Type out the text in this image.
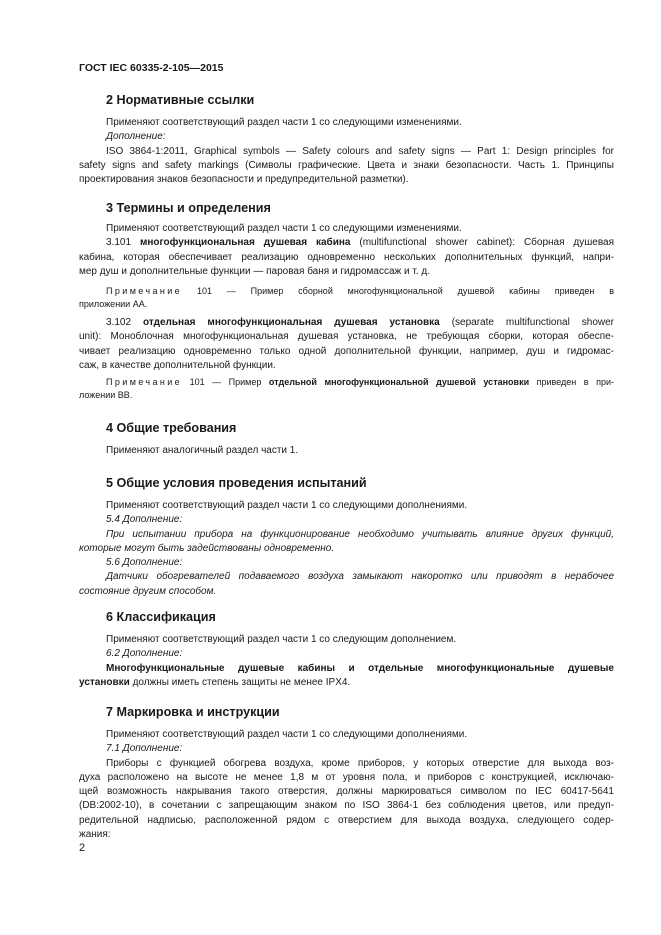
ГОСТ IEC 60335-2-105—2015
2 Нормативные ссылки
Применяют соответствующий раздел части 1 со следующими изменениями.
Дополнение:
ISO 3864-1:2011, Graphical symbols — Safety colours and safety signs — Part 1: Design principles for
safety signs and safety markings (Символы графические. Цвета и знаки безопасности. Часть 1. Принципы
проектирования знаков безопасности и предупредительной разметки).
3 Термины и определения
Применяют соответствующий раздел части 1 со следующими изменениями.
3.101 многофункциональная душевая кабина (multifunctional shower cabinet): Сборная душевая
кабина, которая обеспечивает реализацию одновременно нескольких дополнительных функций, напри-
мер душ и дополнительные функции — паровая баня и гидромассаж и т. д.
Примечание 101 — Пример сборной многофункциональной душевой кабины приведен в
приложении АА.
3.102 отдельная многофункциональная душевая установка (separate multifunctional shower
unit): Моноблочная многофункциональная душевая установка, не требующая сборки, которая обеспе-
чивает реализацию одновременно только одной дополнительной функции, например, душ и гидромас-
саж, в качестве дополнительной функции.
Примечание 101 — Пример отдельной многофункциональной душевой установки приведен в при-
ложении ВВ.
4 Общие требования
Применяют аналогичный раздел части 1.
5 Общие условия проведения испытаний
Применяют соответствующий раздел части 1 со следующими дополнениями.
5.4 Дополнение:
При испытании прибора на функционирование необходимо учитывать влияние других функций,
которые могут быть задействованы одновременно.
5.6 Дополнение:
Датчики обогревателей подаваемого воздуха замыкают накоротко или приводят в нерабочее
состояние другим способом.
6 Классификация
Применяют соответствующий раздел части 1 со следующим дополнением.
6.2 Дополнение:
Многофункциональные душевые кабины и отдельные многофункциональные душевые
установки должны иметь степень защиты не менее IPX4.
7 Маркировка и инструкции
Применяют соответствующий раздел части 1 со следующими дополнениями.
7.1 Дополнение:
Приборы с функцией обогрева воздуха, кроме приборов, у которых отверстие для выхода воз-
духа расположено на высоте не менее 1,8 м от уровня пола, и приборов с конструкцией, исключаю-
щей возможность накрывания такого отверстия, должны маркироваться символом по IEC 60417-5641
(DB:2002-10), в сочетании с запрещающим знаком по ISO 3864-1 без соблюдения цветов, или предуп-
редительной надписью, расположенной рядом с отверстием для выхода воздуха, следующего содер-
жания:
2
